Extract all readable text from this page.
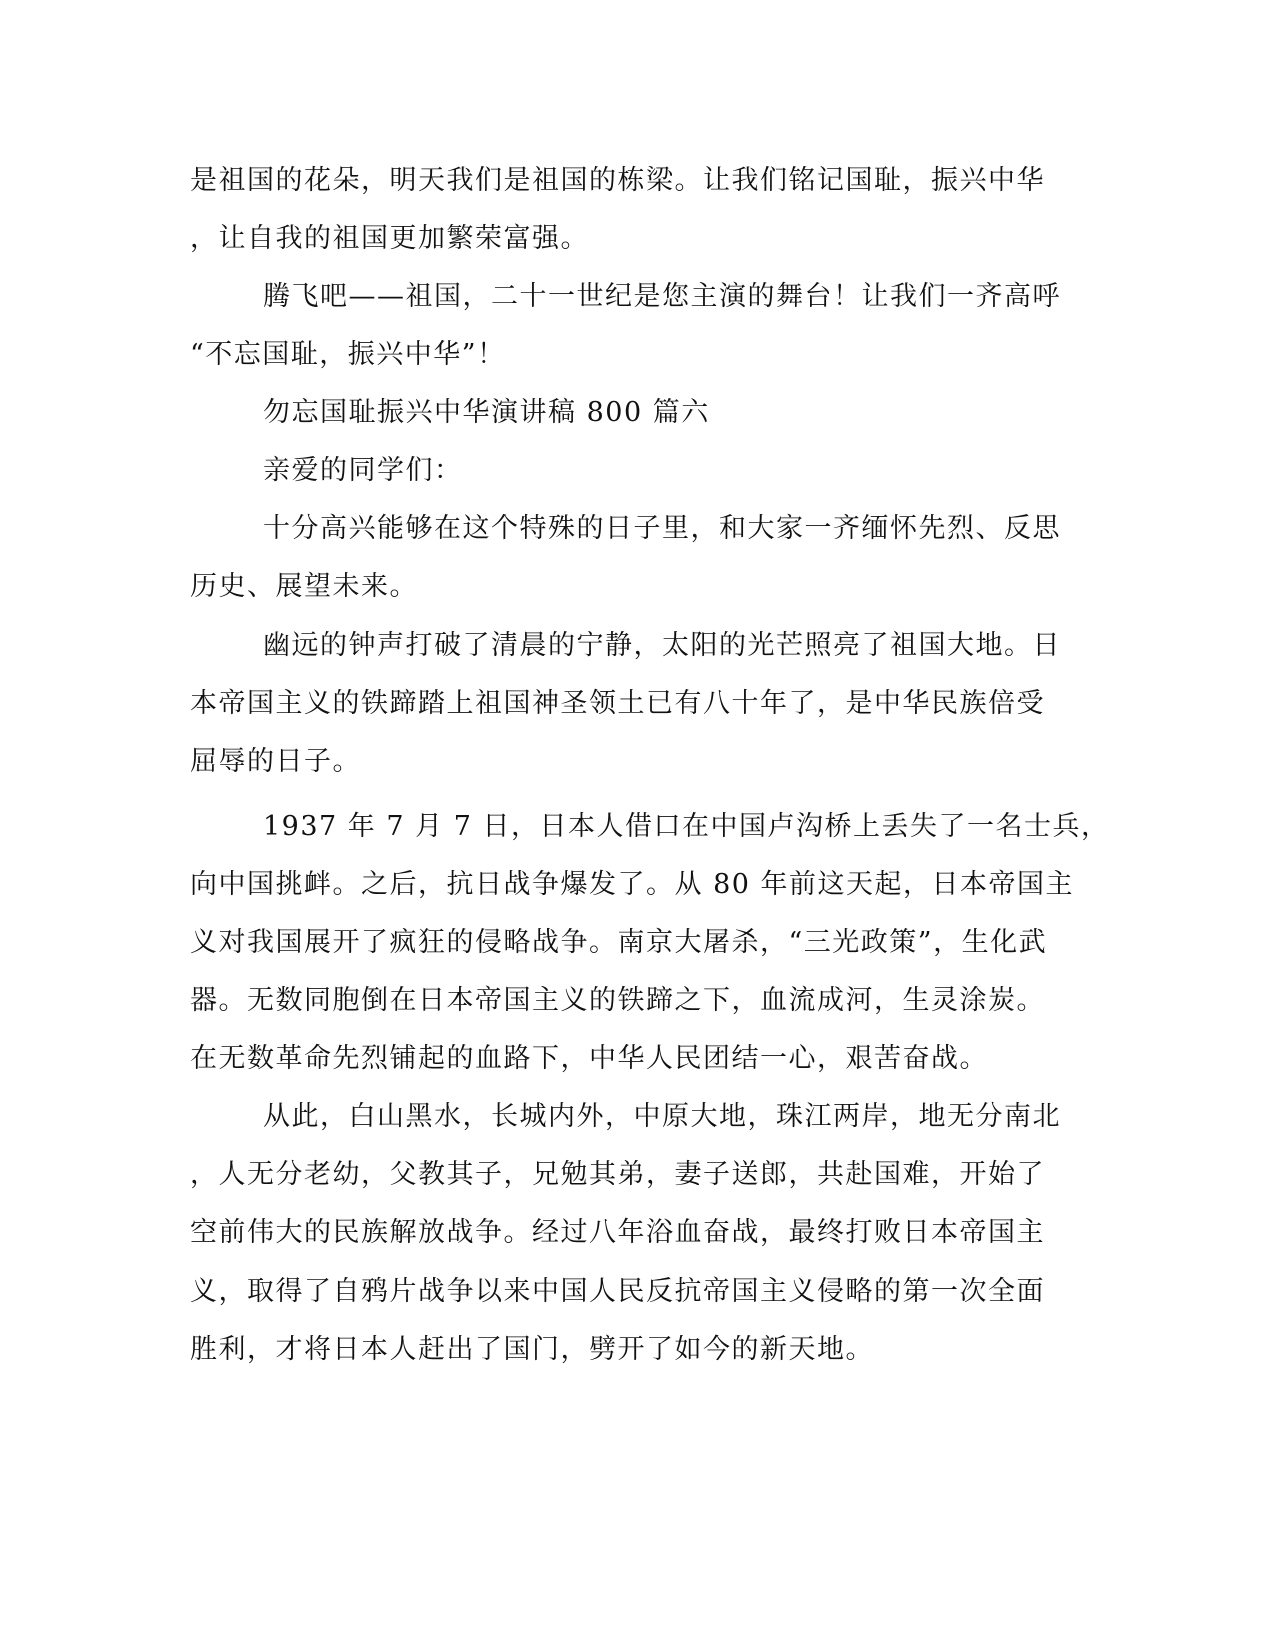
是祖国的花朵，明天我们是祖国的栋梁。让我们铭记国耻，振兴中华
，让自我的祖国更加繁荣富强。
腾飞吧——祖国，二十一世纪是您主演的舞台！让我们一齐高呼
“不忘国耻，振兴中华”！
勿忘国耻振兴中华演讲稿 800 篇六
亲爱的同学们：
十分高兴能够在这个特殊的日子里，和大家一齐缅怀先烈、反思
历史、展望未来。
幽远的钟声打破了清晨的宁静，太阳的光芒照亮了祖国大地。日
本帝国主义的铁蹄踏上祖国神圣领土已有八十年了，是中华民族倍受
屈辱的日子。
1937 年 7 月 7 日，日本人借口在中国卢沟桥上丢失了一名士兵，
向中国挑衅。之后，抗日战争爆发了。从 80 年前这天起，日本帝国主
义对我国展开了疯狂的侵略战争。南京大屠杀，“三光政策”，生化武
器。无数同胞倒在日本帝国主义的铁蹄之下，血流成河，生灵涂炭。
在无数革命先烈铺起的血路下，中华人民团结一心，艰苦奋战。
从此，白山黑水，长城内外，中原大地，珠江两岸，地无分南北
，人无分老幼，父教其子，兄勉其弟，妻子送郎，共赴国难，开始了
空前伟大的民族解放战争。经过八年浴血奋战，最终打败日本帝国主
义，取得了自鸦片战争以来中国人民反抗帝国主义侵略的第一次全面
胜利，才将日本人赶出了国门，劈开了如今的新天地。
